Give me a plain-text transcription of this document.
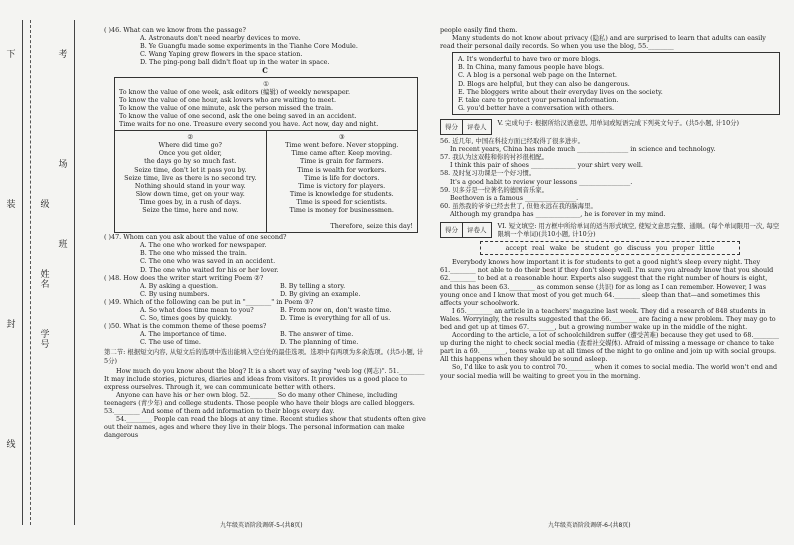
下	考
场
班
级
姓名
学号
封
线
装

( )46. What can we know from the passage?

A. Astronauts don't need nearby devices to move.

B. Ye Guangfu made some experiments in the Tianhe Core Module.

C. Wang Yaping grew flowers in the space station.

D. The ping-pong ball didn't float up in the water in space.

C
①
To know the value of one week, ask editors (编辑) of weekly newspaper.
To know the value of one hour, ask lovers who are waiting to meet.
To know the value of one minute, ask the person missed the train.
To know the value of one second, ask the one being saved in an accident.
Time waits for no one. Treasure every second you have. Act now, day and night.
②
Where did time go?
Once you get older,
the days go by so much fast.
Seize time, don't let it pass you by.
Seize time, live as there is no second try.
Nothing should stand in your way.
Slow down time, get on your way.
Time goes by, in a rush of days.
Seize the time, here and now.
③
Time went before. Never stopping.
Time came after. Keep moving.
Time is grain for farmers.
Time is wealth for workers.
Time is life for doctors.
Time is victory for players.
Time is knowledge for students.
Time is speed for scientists.
Time is money for businessmen.
Therefore, seize this day!

( )47. Whom can you ask about the value of one second?

A. The one who worked for newspaper.

B. The one who missed the train.

C. The one who was saved in an accident.

D. The one who waited for his or her lover.

( )48. How does the writer start writing Poem ②?

A. By asking a question.	B. By telling a story.
C. By using numbers.	D. By giving an example.

( )49. Which of the following can be put in "________" in Poem ③?

A. So what does time mean to you?	B. From now on, don't waste time.
C. So, times goes by quickly.	D. Time is everything for all of us.

( )50. What is the common theme of these poems?

A. The importance of time.	B. The answer of time.
C. The use of time.	D. The planning of time.

第二节: 根据短文内容, 从短文后的选项中选出能填入空白处的最佳选项。选项中有两项为多余选项。(共5小题, 计5分)

How much do you know about the blog? It is a short way of saying "web log (网志)". 51.________ It may include stories, pictures, diaries and ideas from visitors. It provides us a good place to express ourselves. Through it, we can communicate better with others.

Anyone can have his or her own blog. 52.________ So do many other Chinese, including teenagers (青少年) and college students. Those people who have their blogs are called bloggers. 53.________ And some of them add information to their blogs every day.

54.________ People can read the blogs at any time. Recent studies show that students often give out their names, ages and where they live in their blogs. The personal information can make dangerous

九年级英语阶段调研-5-(共8页)

people easily find them.

Many students do not know about privacy (隐私) and are surprised to learn that adults can easily read their personal daily records. So when you use the blog, 55.________

A. It's wonderful to have two or more blogs.
B. In China, many famous people have blogs.
C. A blog is a personal web page on the Internet.
D. Blogs are helpful, but they can also be dangerous.
E. The bloggers write about their everyday lives on the society.
F. take care to protect your personal information.
G. you'd better have a conversation with others.
得分	评卷人	V. 完成句子: 根据所给汉语意思, 用单词或短语完成下列英文句子。(共5小题, 计10分)

56. 近几年, 中国在科技方面已经取得了很多进步。

In recent years, China has made much ________________ in science and technology.

57. 我认为这双鞋和你的衬衫很相配。

I think this pair of shoes ______________ your shirt very well.

58. 及时复习功课是一个好习惯。

It's a good habit to review your lessons ________________.

59. 贝多芬是一位著名的德国音乐家。

Beethoven is a famous ________________.

60. 虽然我的爷爷已经去世了, 但他永远在我的脑海里。

Although my grandpa has ______________, he is forever in my mind.

得分	评卷人	VI. 短文填空: 用方框中所给单词的适当形式填空, 使短文意思完整、通顺。(每个单词限用一次, 每空限填一个单词)(共10小题, 计10分)
accept real wake be student go discuss you proper little

Everybody knows how important it is for students to get a good night's sleep every night. They 61.________ not able to do their best if they don't sleep well. I'm sure you already know that you should 62.________ to bed at a reasonable hour. Experts also suggest that the right number of hours is eight, and this has been 63.________ as common sense (共识) for as long as I can remember. However, I was young once and I know that most of you get much 64.________ sleep than that—and sometimes this affects your schoolwork.

I 65.________ an article in a teachers' magazine last week. They did a research of 848 students in Wales. Worryingly, the results suggested that the 66.________ are facing a new problem. They may go to bed and get up at times 67.________, but a growing number wake up in the middle of the night.

According to the article, a lot of schoolchildren suffer (遭受苦难) because they get used to 68.________ up during the night to check social media (查看社交媒体). Afraid of missing a message or chance to take part in a 69.________, teens wake up at all times of the night to go online and join up with social groups. All this happens when they should be sound asleep.

So, I'd like to ask you to control 70.________ when it comes to social media. The world won't end and your social media will be waiting to greet you in the morning.

九年级英语阶段调研-6-(共8页)
